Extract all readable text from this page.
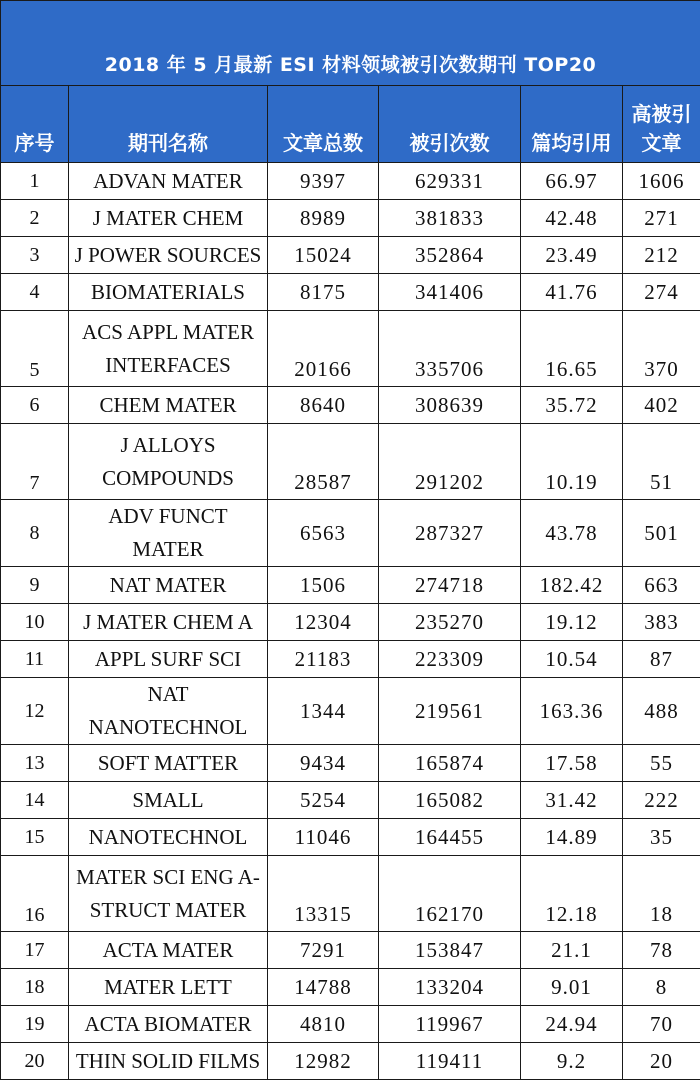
2018 年 5 月最新 ESI 材料领域被引次数期刊 TOP20					
序号	期刊名称	文章总数	被引次数	篇均引用	高被引
文章

1	ADVAN MATER	9397	629331	66.97	1606
2	J MATER CHEM	8989	381833	42.48	271
3	J POWER SOURCES	15024	352864	23.49	212
4	BIOMATERIALS	8175	341406	41.76	274
5	ACS APPL MATER INTERFACES	20166	335706	16.65	370
6	CHEM MATER	8640	308639	35.72	402
7	J ALLOYS COMPOUNDS	28587	291202	10.19	51
8	ADV FUNCT MATER	6563	287327	43.78	501
9	NAT MATER	1506	274718	182.42	663
10	J MATER CHEM A	12304	235270	19.12	383
11	APPL SURF SCI	21183	223309	10.54	87
12	NAT NANOTECHNOL	1344	219561	163.36	488
13	SOFT MATTER	9434	165874	17.58	55
14	SMALL	5254	165082	31.42	222
15	NANOTECHNOL	11046	164455	14.89	35
16	MATER SCI ENG A-STRUCT MATER	13315	162170	12.18	18
17	ACTA MATER	7291	153847	21.1	78
18	MATER LETT	14788	133204	9.01	8
19	ACTA BIOMATER	4810	119967	24.94	70
20	THIN SOLID FILMS	12982	119411	9.2	20
